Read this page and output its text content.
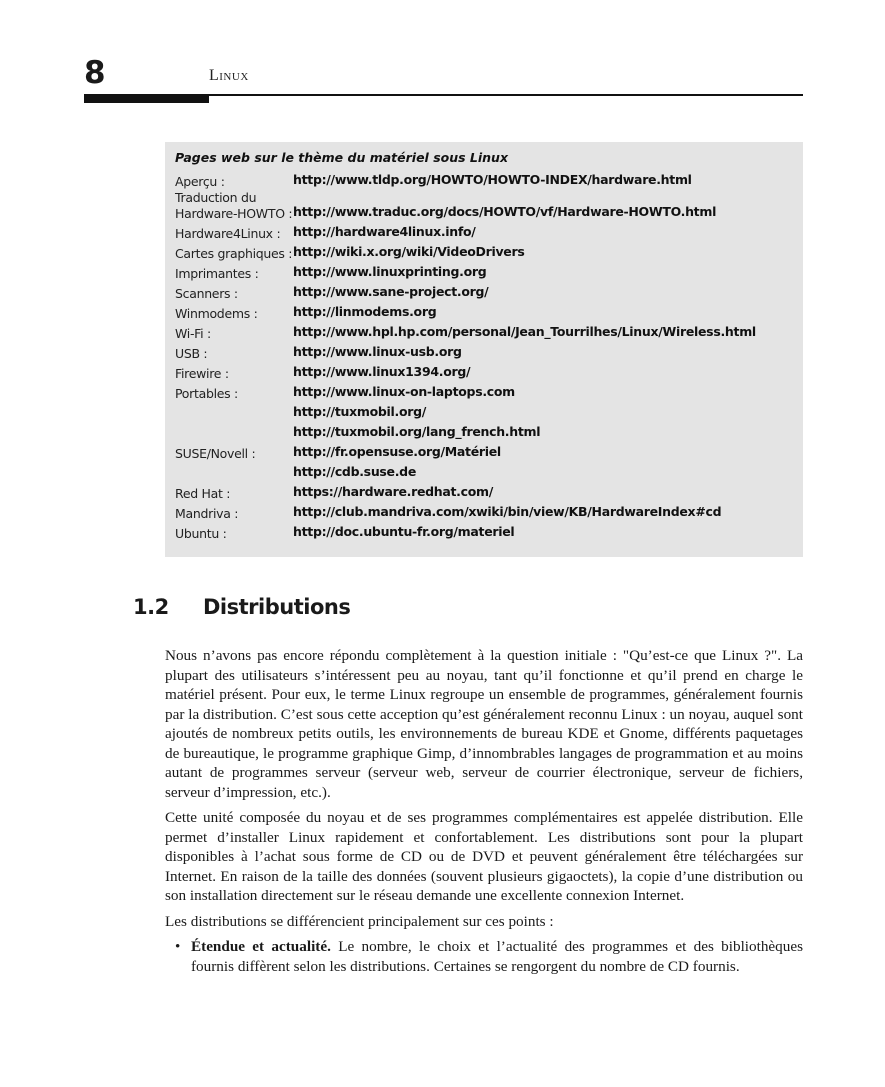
8	Linux
Pages web sur le thème du matériel sous Linux
Aperçu :	http://www.tldp.org/HOWTO/HOWTO-INDEX/hardware.html
Traduction du
Hardware-HOWTO : http://www.traduc.org/docs/HOWTO/vf/Hardware-HOWTO.html
Hardware4Linux :	http://hardware4linux.info/
Cartes graphiques : http://wiki.x.org/wiki/VideoDrivers
Imprimantes :	http://www.linuxprinting.org
Scanners :	http://www.sane-project.org/
Winmodems :	http://linmodems.org
Wi-Fi :	http://www.hpl.hp.com/personal/Jean_Tourrilhes/Linux/Wireless.html
USB :	http://www.linux-usb.org
Firewire :	http://www.linux1394.org/
Portables :	http://www.linux-on-laptops.com
http://tuxmobil.org/
http://tuxmobil.org/lang_french.html
SUSE/Novell :	http://fr.opensuse.org/Matériel
http://cdb.suse.de
Red Hat :	https://hardware.redhat.com/
Mandriva :	http://club.mandriva.com/xwiki/bin/view/KB/HardwareIndex#cd
Ubuntu :	http://doc.ubuntu-fr.org/materiel
1.2 Distributions

Nous n’avons pas encore répondu complètement à la question initiale : "Qu’est-ce que Linux ?". La plupart des utilisateurs s’intéressent peu au noyau, tant qu’il fonctionne et qu’il prend en charge le matériel présent. Pour eux, le terme Linux regroupe un ensemble de programmes, généralement fournis par la distribution. C’est sous cette acception qu’est généralement reconnu Linux : un noyau, auquel sont ajoutés de nombreux petits outils, les environnements de bureau KDE et Gnome, différents paquetages de bureautique, le programme graphique Gimp, d’innombrables langages de programmation et au moins autant de programmes serveur (serveur web, serveur de courrier électronique, serveur de fichiers, serveur d’impression, etc.).

Cette unité composée du noyau et de ses programmes complémentaires est appelée distribution. Elle permet d’installer Linux rapidement et confortablement. Les distributions sont pour la plupart disponibles à l’achat sous forme de CD ou de DVD et peuvent généralement être téléchargées sur Internet. En raison de la taille des données (souvent plusieurs gigaoctets), la copie d’une distribution ou son installation directement sur le réseau demande une excellente connexion Internet.

Les distributions se différencient principalement sur ces points :

• Étendue et actualité. Le nombre, le choix et l’actualité des programmes et des bibliothèques fournis diffèrent selon les distributions. Certaines se rengorgent du nombre de CD fournis.
